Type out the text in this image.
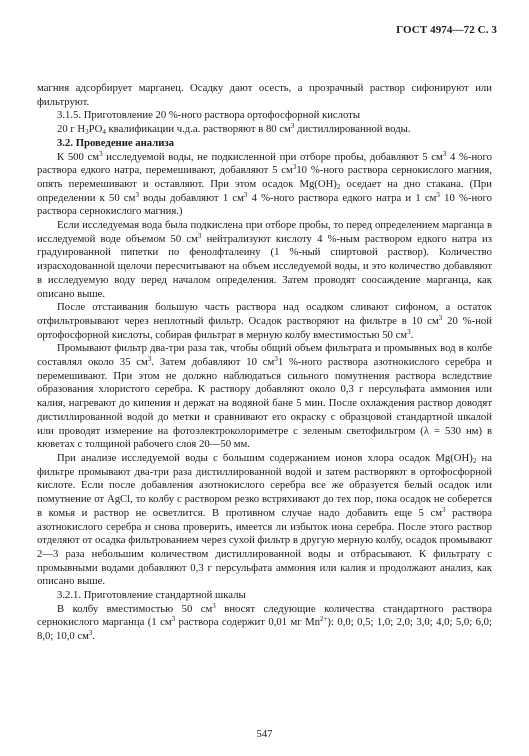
ГОСТ 4974—72 С. 3

магния адсорбирует марганец. Осадку дают осесть, а прозрачный раствор сифонируют или фильтруют.

3.1.5. Приготовление 20 %-ного раствора ортофосфорной кислоты

20 г $H_3PO_4$ квалификации ч.д.а. растворяют в 80 $см^3$ дистиллированной воды.

3.2. Проведение анализа

К 500 $см^3$ исследуемой воды, не подкисленной при отборе пробы, добавляют 5 $см^3$ 4 %-ного раствора едкого натра, перемешивают, добавляют 5 $см^310$ %-ного раствора сернокислого магния, опять перемешивают и оставляют. При этом осадок $Mg(OH)_2$ оседает на дно стакана. (При определении к 50 $см^3$ воды добавляют 1 $см^3$ 4 %-ного раствора едкого натра и 1 $см^3$ 10 %-ного раствора сернокислого магния.)

Если исследуемая вода была подкислена при отборе пробы, то перед определением марганца в исследуемой воде объемом 50 $см^3$ нейтрализуют кислоту 4 %-ным раствором едкого натра из градуированной пипетки по фенолфталеину (1 %-ный спиртовой раствор). Количество израсходованной щелочи пересчитывают на объем исследуемой воды, и это количество добавляют в исследуемую воду перед началом определения. Затем проводят соосаждение марганца, как описано выше.

После отстаивания большую часть раствора над осадком сливают сифоном, а остаток отфильтровывают через неплотный фильтр. Осадок растворяют на фильтре в 10 $см^3$ 20 %-ной ортофосфорной кислоты, собирая фильтрат в мерную колбу вместимостью 50 $см^3$.

Промывают фильтр два-три раза так, чтобы общий объем фильтрата и промывных вод в колбе составлял около 35 $см^3$. Затем добавляют 10 $см^31$ %-ного раствора азотнокислого серебра и перемешивают. При этом не должно наблюдаться сильного помутнения раствора вследствие образования хлористого серебра. К раствору добавляют около 0,3 г персульфата аммония или калия, нагревают до кипения и держат на водяной бане 5 мин. После охлаждения раствор доводят дистиллированной водой до метки и сравнивают его окраску с образцовой стандартной шкалой или проводят измерение на фотоэлектроколориметре с зеленым светофильтром (λ = 530 нм) в кюветах с толщиной рабочего слоя 20—50 мм.

При анализе исследуемой воды с большим содержанием ионов хлора осадок $Mg(OH)_2$ на фильтре промывают два-три раза дистиллированной водой и затем растворяют в ортофосфорной кислоте. Если после добавления азотнокислого серебра все же образуется белый осадок или помутнение от AgCl, то колбу с раствором резко встряхивают до тех пор, пока осадок не соберется в комья и раствор не осветлится. В противном случае надо добавить еще 5 $см^3$ раствора азотнокислого серебра и снова проверить, имеется ли избыток иона серебра. После этого раствор отделяют от осадка фильтрованием через сухой фильтр в другую мерную колбу, осадок промывают 2—3 раза небольшим количеством дистиллированной воды и отбрасывают. К фильтрату с промывными водами добавляют 0,3 г персульфата аммония или калия и продолжают анализ, как описано выше.

3.2.1. Приготовление стандартной шкалы

В колбу вместимостью 50 $см^3$ вносят следующие количества стандартного раствора сернокислого марганца (1 $см^3$ раствора содержит 0,01 мг $Mn^{2+}$): 0,0; 0,5; 1,0; 2,0; 3,0; 4,0; 5,0; 6,0; 8,0; 10,0 $см^3$.

547
